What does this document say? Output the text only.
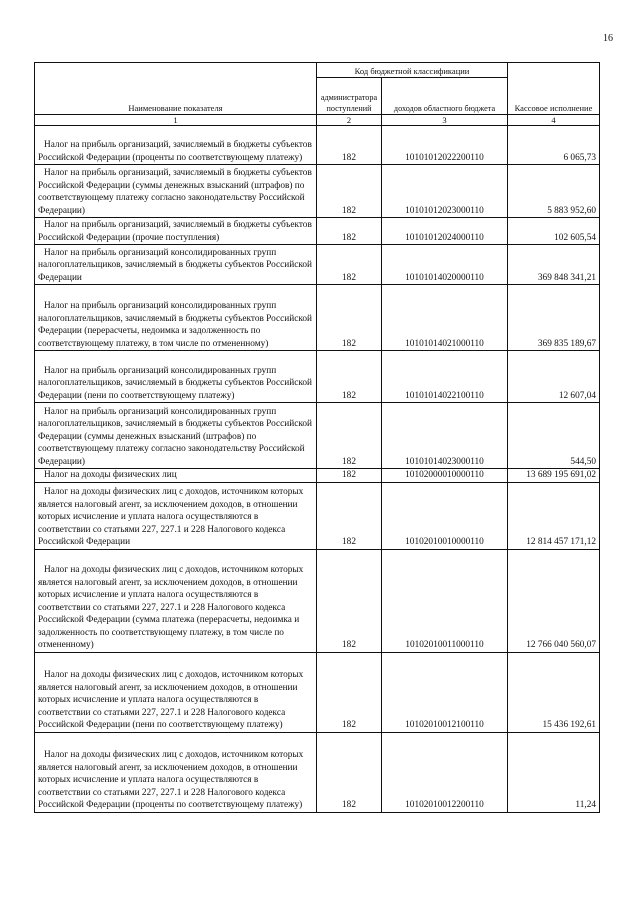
16
Наименование показателя	Код бюджетной классификации		Кассовое исполнение
	администратора поступлений	доходов областного бюджета	
1	2	3	4
Налог на прибыль организаций, зачисляемый в бюджеты субъектов Российской Федерации (проценты по соответствующему платежу)	182	10101012022200110	6 065,73
Налог на прибыль организаций, зачисляемый в бюджеты субъектов Российской Федерации (суммы денежных взысканий (штрафов) по соответствующему платежу согласно законодательству Российской Федерации)	182	10101012023000110	5 883 952,60
Налог на прибыль организаций, зачисляемый в бюджеты субъектов Российской Федерации (прочие поступления)	182	10101012024000110	102 605,54
Налог на прибыль организаций консолидированных групп налогоплательщиков, зачисляемый в бюджеты субъектов Российской Федерации	182	10101014020000110	369 848 341,21
Налог на прибыль организаций консолидированных групп налогоплательщиков, зачисляемый в бюджеты субъектов Российской Федерации (перерасчеты, недоимка и задолженность по соответствующему платежу, в том числе по отмененному)	182	10101014021000110	369 835 189,67
Налог на прибыль организаций консолидированных групп налогоплательщиков, зачисляемый в бюджеты субъектов Российской Федерации (пени по соответствующему платежу)	182	10101014022100110	12 607,04
Налог на прибыль организаций консолидированных групп налогоплательщиков, зачисляемый в бюджеты субъектов Российской Федерации (суммы денежных взысканий (штрафов) по соответствующему платежу согласно законодательству Российской Федерации)	182	10101014023000110	544,50
Налог на доходы физических лиц	182	10102000010000110	13 689 195 691,02
Налог на доходы физических лиц с доходов, источником которых является налоговый агент, за исключением доходов, в отношении которых исчисление и уплата налога осуществляются в соответствии со статьями 227, 227.1 и 228 Налогового кодекса Российской Федерации	182	10102010010000110	12 814 457 171,12
Налог на доходы физических лиц с доходов, источником которых является налоговый агент, за исключением доходов, в отношении которых исчисление и уплата налога осуществляются в соответствии со статьями 227, 227.1 и 228 Налогового кодекса Российской Федерации (сумма платежа (перерасчеты, недоимка и задолженность по соответствующему платежу, в том числе по отмененному)	182	10102010011000110	12 766 040 560,07
Налог на доходы физических лиц с доходов, источником которых является налоговый агент, за исключением доходов, в отношении которых исчисление и уплата налога осуществляются в соответствии со статьями 227, 227.1 и 228 Налогового кодекса Российской Федерации (пени по соответствующему платежу)	182	10102010012100110	15 436 192,61
Налог на доходы физических лиц с доходов, источником которых является налоговый агент, за исключением доходов, в отношении которых исчисление и уплата налога осуществляются в соответствии со статьями 227, 227.1 и 228 Налогового кодекса Российской Федерации (проценты по соответствующему платежу)	182	10102010012200110	11,24
